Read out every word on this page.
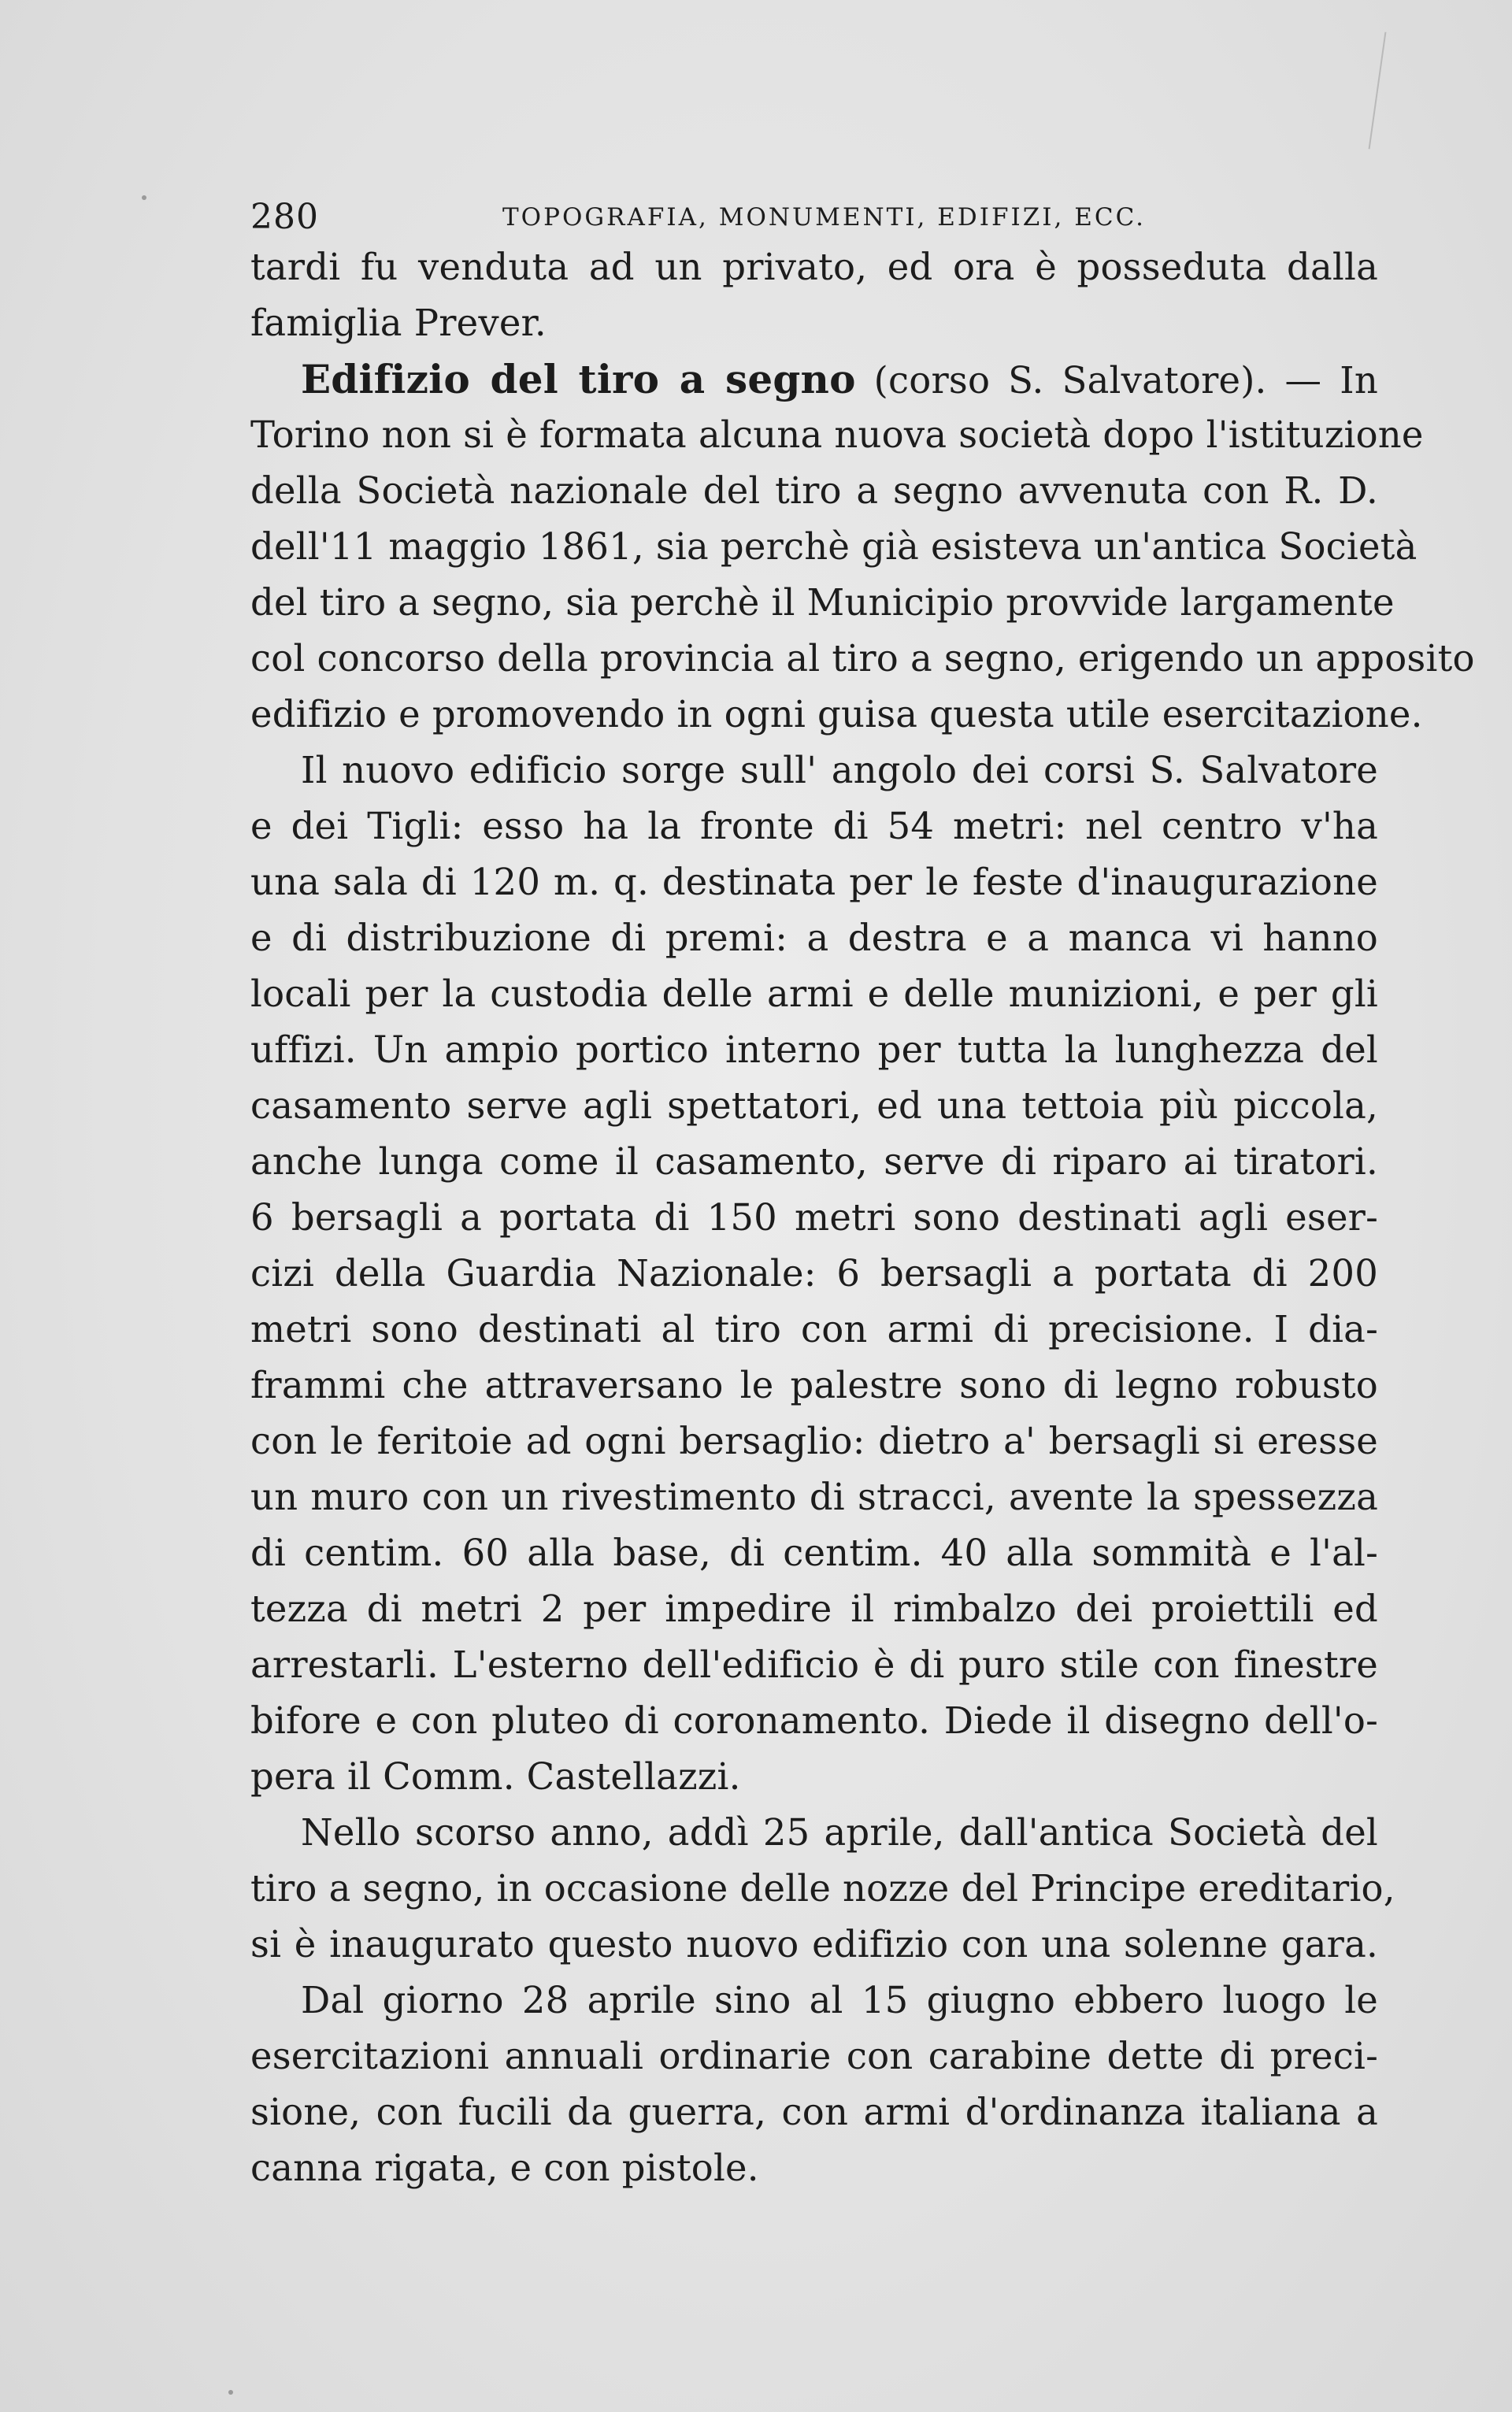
280	TOPOGRAFIA, MONUMENTI, EDIFIZI, ECC.
tardi fu venduta ad un privato, ed ora è posseduta dalla
famiglia Prever.
Edifizio del tiro a segno (corso S. Salvatore). — In
Torino non si è formata alcuna nuova società dopo l'istituzione
della Società nazionale del tiro a segno avvenuta con R. D.
dell'11 maggio 1861, sia perchè già esisteva un'antica Società
del tiro a segno, sia perchè il Municipio provvide largamente
col concorso della provincia al tiro a segno, erigendo un apposito
edifizio e promovendo in ogni guisa questa utile esercitazione.
Il nuovo edificio sorge sull' angolo dei corsi S. Salvatore
e dei Tigli: esso ha la fronte di 54 metri: nel centro v'ha
una sala di 120 m. q. destinata per le feste d'inaugurazione
e di distribuzione di premi: a destra e a manca vi hanno
locali per la custodia delle armi e delle munizioni, e per gli
uffizi. Un ampio portico interno per tutta la lunghezza del
casamento serve agli spettatori, ed una tettoia più piccola,
anche lunga come il casamento, serve di riparo ai tiratori.
6 bersagli a portata di 150 metri sono destinati agli eser-
cizi della Guardia Nazionale: 6 bersagli a portata di 200
metri sono destinati al tiro con armi di precisione. I dia-
frammi che attraversano le palestre sono di legno robusto
con le feritoie ad ogni bersaglio: dietro a' bersagli si eresse
un muro con un rivestimento di stracci, avente la spessezza
di centim. 60 alla base, di centim. 40 alla sommità e l'al-
tezza di metri 2 per impedire il rimbalzo dei proiettili ed
arrestarli. L'esterno dell'edificio è di puro stile con finestre
bifore e con pluteo di coronamento. Diede il disegno dell'o-
pera il Comm. Castellazzi.
Nello scorso anno, addì 25 aprile, dall'antica Società del
tiro a segno, in occasione delle nozze del Principe ereditario,
si è inaugurato questo nuovo edifizio con una solenne gara.
Dal giorno 28 aprile sino al 15 giugno ebbero luogo le
esercitazioni annuali ordinarie con carabine dette di preci-
sione, con fucili da guerra, con armi d'ordinanza italiana a
canna rigata, e con pistole.
